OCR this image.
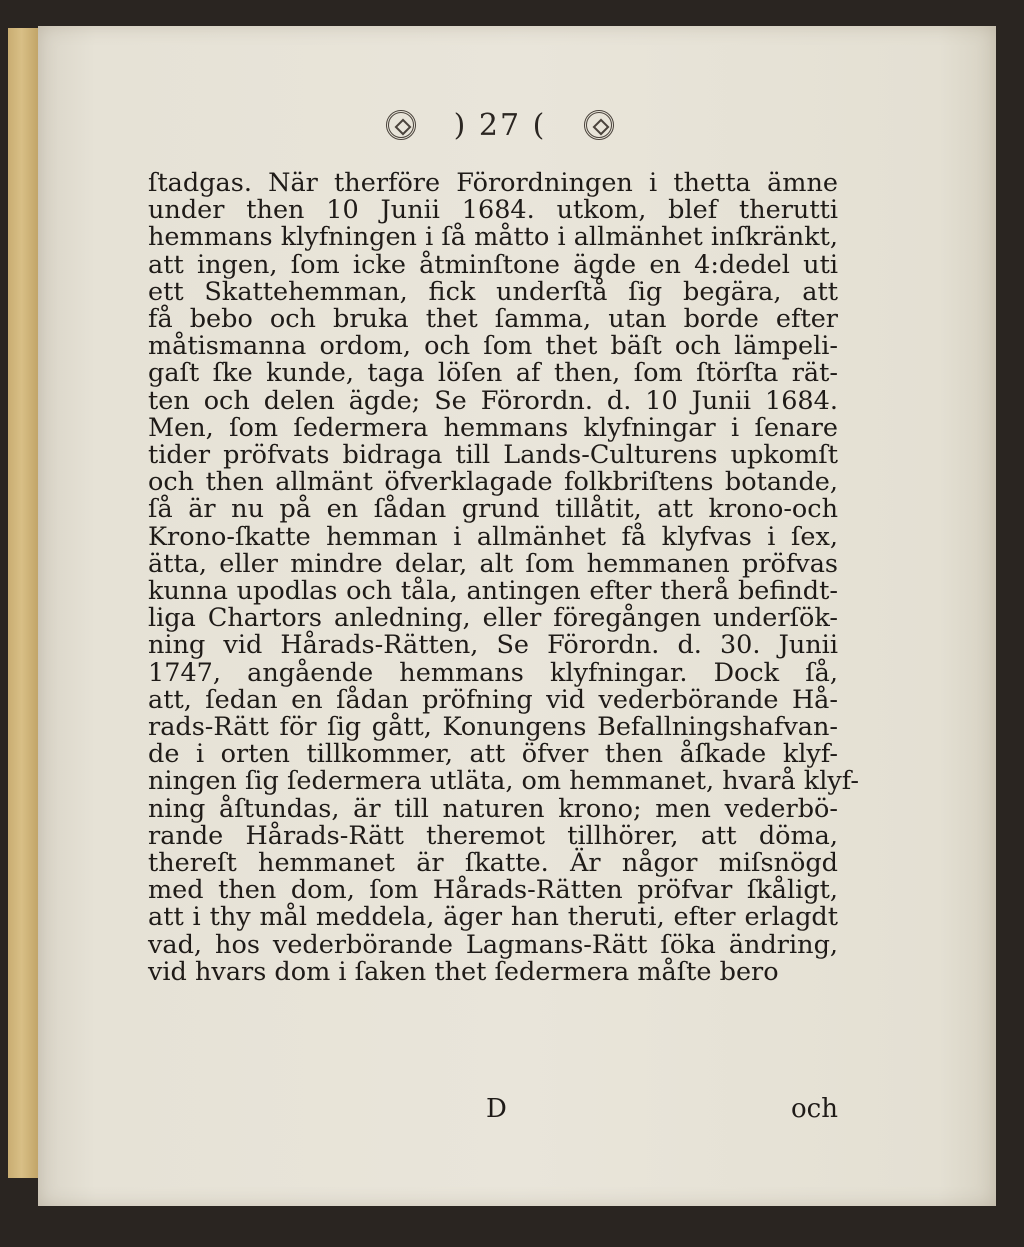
) 27 (
ſtadgas. När therföre Förordningen i thetta ämne
under then 10 Junii 1684. utkom, blef therutti
hemmans klyfningen i ſå måtto i allmänhet inſkränkt,
att ingen, ſom icke åtminſtone ägde en 4:dedel uti
ett Skattehemman, fick underſtå ſig begära, att
få bebo och bruka thet ſamma, utan borde efter
måtismanna ordom, och ſom thet bäſt och lämpeli-
gaſt ſke kunde, taga löſen af then, ſom ſtörſta rät-
ten och delen ägde; Se Förordn. d. 10 Junii 1684.
Men, ſom ſedermera hemmans klyfningar i ſenare
tider pröfvats bidraga till Lands-Culturens upkomſt
och then allmänt öfverklagade folkbriſtens botande,
ſå är nu på en ſådan grund tillåtit, att krono-och
Krono-ſkatte hemman i allmänhet få klyfvas i ſex,
ätta, eller mindre delar, alt ſom hemmanen pröfvas
kunna upodlas och tåla, antingen efter therå befindt-
liga Chartors anledning, eller föregången underſök-
ning vid Hårads-Rätten, Se Förordn. d. 30. Junii
1747, angående hemmans klyfningar. Dock ſå,
att, ſedan en ſådan pröfning vid vederbörande Hå-
rads-Rätt för ſig gått, Konungens Befallningshafvan-
de i orten tillkommer, att öfver then åſkade klyf-
ningen ſig ſedermera utläta, om hemmanet, hvarå klyf-
ning åſtundas, är till naturen krono; men vederbö-
rande Hårads-Rätt theremot tillhörer, att döma,
thereſt hemmanet är ſkatte. Är någor miſsnögd
med then dom, ſom Hårads-Rätten pröfvar ſkåligt,
att i thy mål meddela, äger han theruti, efter erlagdt
vad, hos vederbörande Lagmans-Rätt ſöka ändring,
vid hvars dom i ſaken thet ſedermera måſte bero
D	och
